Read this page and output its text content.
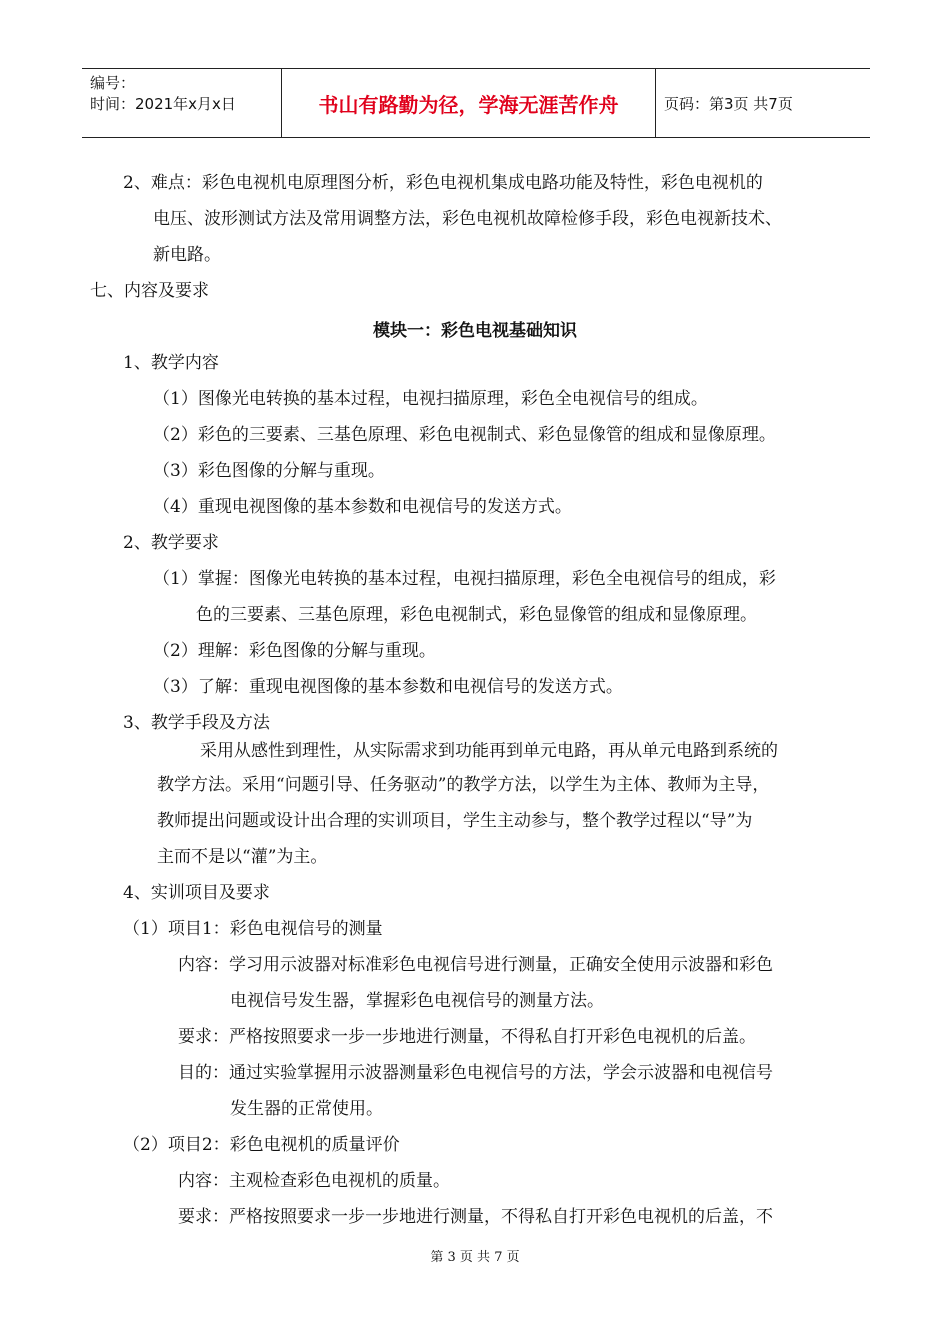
编号：
时间：2021年x月x日	书山有路勤为径，学海无涯苦作舟	页码：第3页 共7页
2、难点：彩色电视机电原理图分析，彩色电视机集成电路功能及特性，彩色电视机的
电压、波形测试方法及常用调整方法，彩色电视机故障检修手段，彩色电视新技术、
新电路。
七、内容及要求
模块一：彩色电视基础知识
1、教学内容
（1）图像光电转换的基本过程，电视扫描原理，彩色全电视信号的组成。
（2）彩色的三要素、三基色原理、彩色电视制式、彩色显像管的组成和显像原理。
（3）彩色图像的分解与重现。
（4）重现电视图像的基本参数和电视信号的发送方式。
2、教学要求
（1）掌握：图像光电转换的基本过程，电视扫描原理，彩色全电视信号的组成，彩
色的三要素、三基色原理，彩色电视制式，彩色显像管的组成和显像原理。
（2）理解：彩色图像的分解与重现。
（3）了解：重现电视图像的基本参数和电视信号的发送方式。
3、教学手段及方法
采用从感性到理性，从实际需求到功能再到单元电路，再从单元电路到系统的
教学方法。采用“问题引导、任务驱动”的教学方法，以学生为主体、教师为主导，
教师提出问题或设计出合理的实训项目，学生主动参与，整个教学过程以“导”为
主而不是以“灌”为主。
4、实训项目及要求
（1）项目1：彩色电视信号的测量
内容：学习用示波器对标准彩色电视信号进行测量，正确安全使用示波器和彩色
电视信号发生器，掌握彩色电视信号的测量方法。
要求：严格按照要求一步一步地进行测量，不得私自打开彩色电视机的后盖。
目的：通过实验掌握用示波器测量彩色电视信号的方法，学会示波器和电视信号
发生器的正常使用。
（2）项目2：彩色电视机的质量评价
内容：主观检查彩色电视机的质量。
要求：严格按照要求一步一步地进行测量，不得私自打开彩色电视机的后盖，不
第 3 页 共 7 页
